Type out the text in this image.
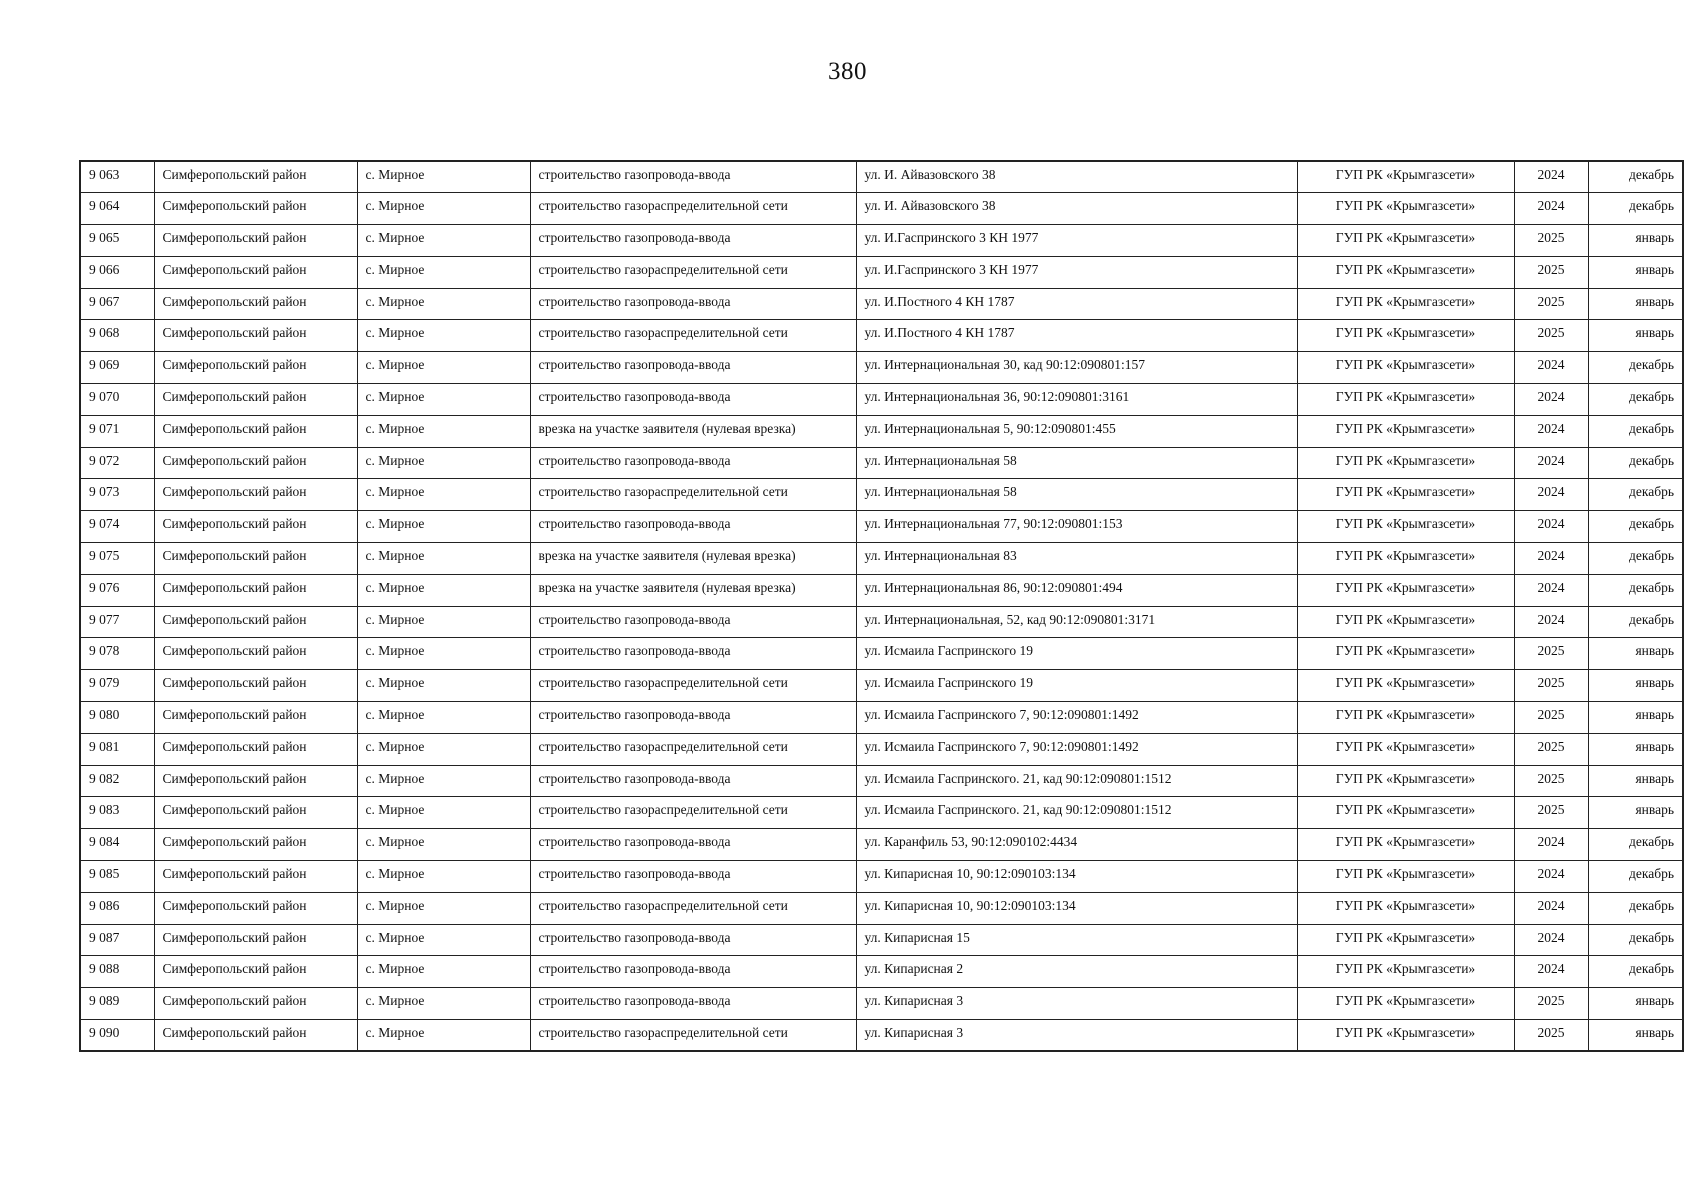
380
9 063	Симферопольский район	с. Мирное	строительство газопровода-ввода	ул. И. Айвазовского 38	ГУП РК «Крымгазсети»	2024	декабрь
9 064	Симферопольский район	с. Мирное	строительство газораспределительной сети	ул. И. Айвазовского 38	ГУП РК «Крымгазсети»	2024	декабрь
9 065	Симферопольский район	с. Мирное	строительство газопровода-ввода	ул. И.Гаспринского 3 КН 1977	ГУП РК «Крымгазсети»	2025	январь
9 066	Симферопольский район	с. Мирное	строительство газораспределительной сети	ул. И.Гаспринского 3 КН 1977	ГУП РК «Крымгазсети»	2025	январь
9 067	Симферопольский район	с. Мирное	строительство газопровода-ввода	ул. И.Постного 4 КН 1787	ГУП РК «Крымгазсети»	2025	январь
9 068	Симферопольский район	с. Мирное	строительство газораспределительной сети	ул. И.Постного 4 КН 1787	ГУП РК «Крымгазсети»	2025	январь
9 069	Симферопольский район	с. Мирное	строительство газопровода-ввода	ул. Интернациональная 30, кад 90:12:090801:157	ГУП РК «Крымгазсети»	2024	декабрь
9 070	Симферопольский район	с. Мирное	строительство газопровода-ввода	ул. Интернациональная 36, 90:12:090801:3161	ГУП РК «Крымгазсети»	2024	декабрь
9 071	Симферопольский район	с. Мирное	врезка на участке заявителя (нулевая врезка)	ул. Интернациональная 5, 90:12:090801:455	ГУП РК «Крымгазсети»	2024	декабрь
9 072	Симферопольский район	с. Мирное	строительство газопровода-ввода	ул. Интернациональная 58	ГУП РК «Крымгазсети»	2024	декабрь
9 073	Симферопольский район	с. Мирное	строительство газораспределительной сети	ул. Интернациональная 58	ГУП РК «Крымгазсети»	2024	декабрь
9 074	Симферопольский район	с. Мирное	строительство газопровода-ввода	ул. Интернациональная 77, 90:12:090801:153	ГУП РК «Крымгазсети»	2024	декабрь
9 075	Симферопольский район	с. Мирное	врезка на участке заявителя (нулевая врезка)	ул. Интернациональная 83	ГУП РК «Крымгазсети»	2024	декабрь
9 076	Симферопольский район	с. Мирное	врезка на участке заявителя (нулевая врезка)	ул. Интернациональная 86, 90:12:090801:494	ГУП РК «Крымгазсети»	2024	декабрь
9 077	Симферопольский район	с. Мирное	строительство газопровода-ввода	ул. Интернациональная, 52, кад 90:12:090801:3171	ГУП РК «Крымгазсети»	2024	декабрь
9 078	Симферопольский район	с. Мирное	строительство газопровода-ввода	ул. Исмаила Гаспринского 19	ГУП РК «Крымгазсети»	2025	январь
9 079	Симферопольский район	с. Мирное	строительство газораспределительной сети	ул. Исмаила Гаспринского 19	ГУП РК «Крымгазсети»	2025	январь
9 080	Симферопольский район	с. Мирное	строительство газопровода-ввода	ул. Исмаила Гаспринского 7, 90:12:090801:1492	ГУП РК «Крымгазсети»	2025	январь
9 081	Симферопольский район	с. Мирное	строительство газораспределительной сети	ул. Исмаила Гаспринского 7, 90:12:090801:1492	ГУП РК «Крымгазсети»	2025	январь
9 082	Симферопольский район	с. Мирное	строительство газопровода-ввода	ул. Исмаила Гаспринского. 21, кад 90:12:090801:1512	ГУП РК «Крымгазсети»	2025	январь
9 083	Симферопольский район	с. Мирное	строительство газораспределительной сети	ул. Исмаила Гаспринского. 21, кад 90:12:090801:1512	ГУП РК «Крымгазсети»	2025	январь
9 084	Симферопольский район	с. Мирное	строительство газопровода-ввода	ул. Каранфиль 53, 90:12:090102:4434	ГУП РК «Крымгазсети»	2024	декабрь
9 085	Симферопольский район	с. Мирное	строительство газопровода-ввода	ул. Кипарисная 10, 90:12:090103:134	ГУП РК «Крымгазсети»	2024	декабрь
9 086	Симферопольский район	с. Мирное	строительство газораспределительной сети	ул. Кипарисная 10, 90:12:090103:134	ГУП РК «Крымгазсети»	2024	декабрь
9 087	Симферопольский район	с. Мирное	строительство газопровода-ввода	ул. Кипарисная 15	ГУП РК «Крымгазсети»	2024	декабрь
9 088	Симферопольский район	с. Мирное	строительство газопровода-ввода	ул. Кипарисная 2	ГУП РК «Крымгазсети»	2024	декабрь
9 089	Симферопольский район	с. Мирное	строительство газопровода-ввода	ул. Кипарисная 3	ГУП РК «Крымгазсети»	2025	январь
9 090	Симферопольский район	с. Мирное	строительство газораспределительной сети	ул. Кипарисная 3	ГУП РК «Крымгазсети»	2025	январь
